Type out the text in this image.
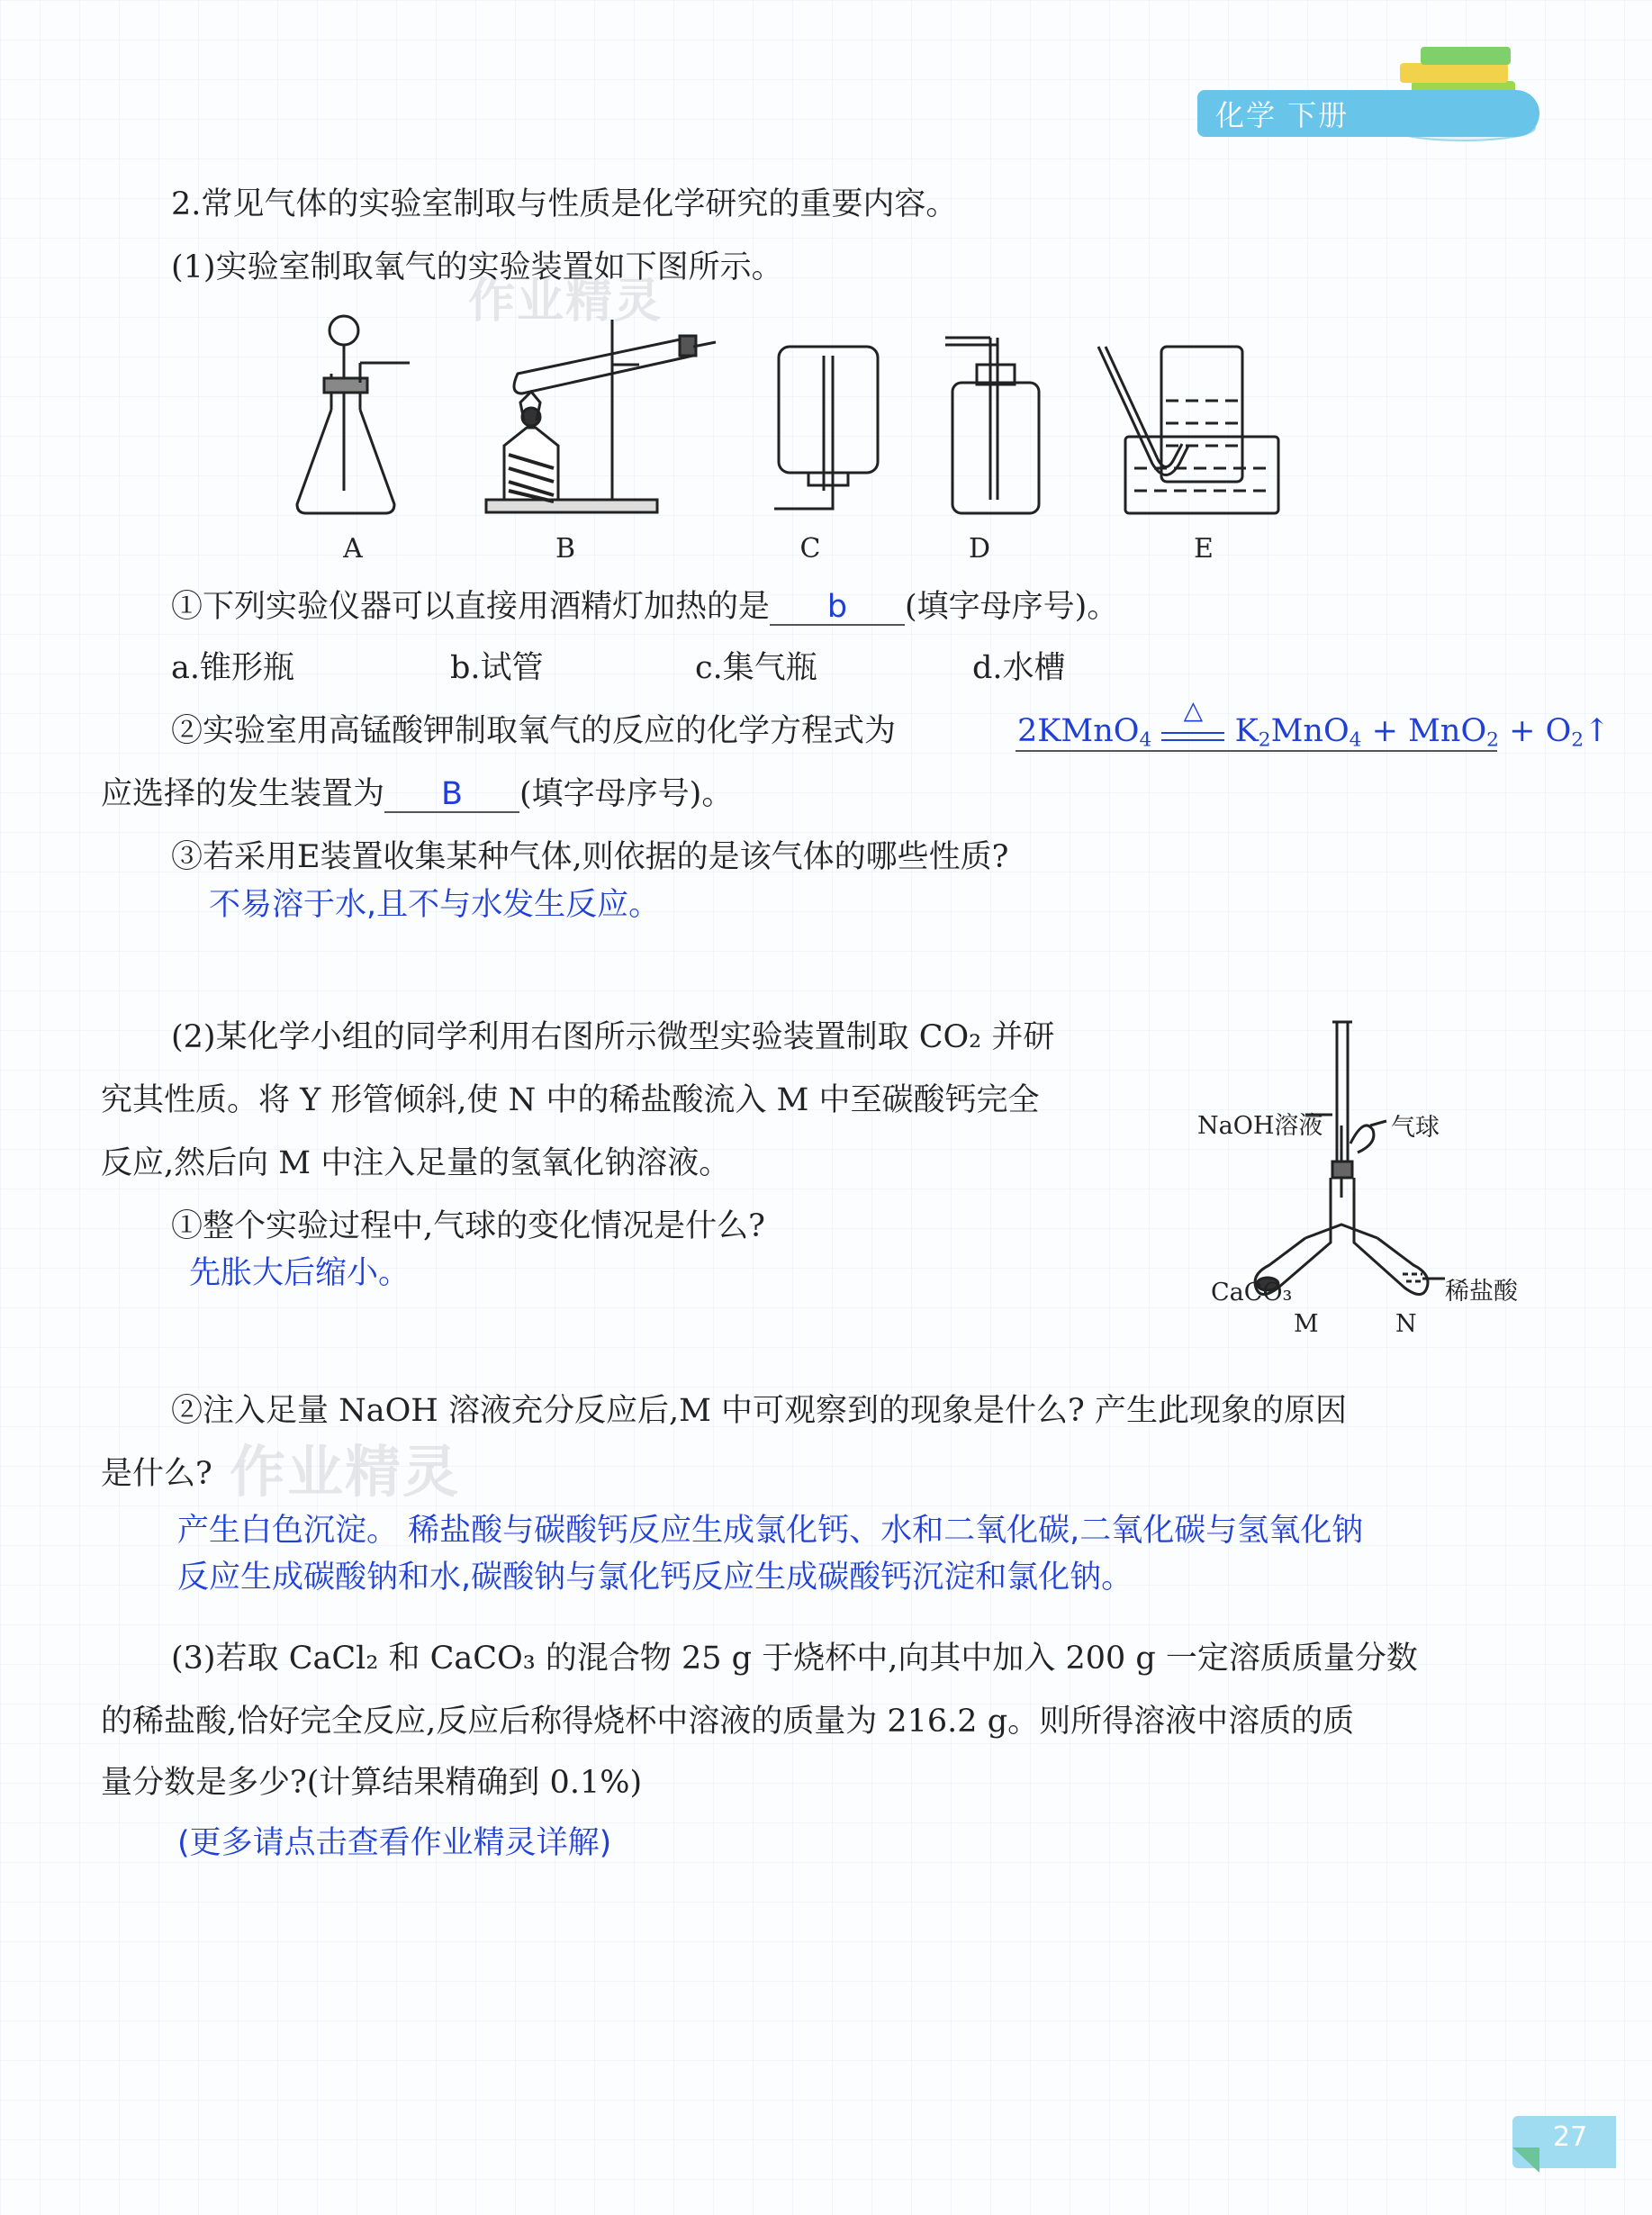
化学 下册
作业精灵
作业精灵
2.常见气体的实验室制取与性质是化学研究的重要内容。
(1)实验室制取氧气的实验装置如下图所示。
A	B	C	D	E
①下列实验仪器可以直接用酒精灯加热的是 b (填字母序号)。
a.锥形瓶	b.试管	c.集气瓶	d.水槽
②实验室用高锰酸钾制取氧气的反应的化学方程式为	2KMnO$_4$
△
$K_2MnO_4 + MnO_2$ + $O_2↑$
应选择的发生装置为 B (填字母序号)。
③若采用E装置收集某种气体,则依据的是该气体的哪些性质?
不易溶于水,且不与水发生反应。
(2)某化学小组的同学利用右图所示微型实验装置制取 CO₂ 并研
究其性质。将 Y 形管倾斜,使 N 中的稀盐酸流入 M 中至碳酸钙完全
反应,然后向 M 中注入足量的氢氧化钠溶液。
NaOH溶液	气球
CaCO₃	稀盐酸
M	N
①整个实验过程中,气球的变化情况是什么?
先胀大后缩小。
②注入足量 NaOH 溶液充分反应后,M 中可观察到的现象是什么? 产生此现象的原因
是什么?
产生白色沉淀。 稀盐酸与碳酸钙反应生成氯化钙、水和二氧化碳,二氧化碳与氢氧化钠
反应生成碳酸钠和水,碳酸钠与氯化钙反应生成碳酸钙沉淀和氯化钠。
(3)若取 CaCl₂ 和 CaCO₃ 的混合物 25 g 于烧杯中,向其中加入 200 g 一定溶质质量分数
的稀盐酸,恰好完全反应,反应后称得烧杯中溶液的质量为 216.2 g。则所得溶液中溶质的质
量分数是多少?(计算结果精确到 0.1%)
(更多请点击查看作业精灵详解)
27
